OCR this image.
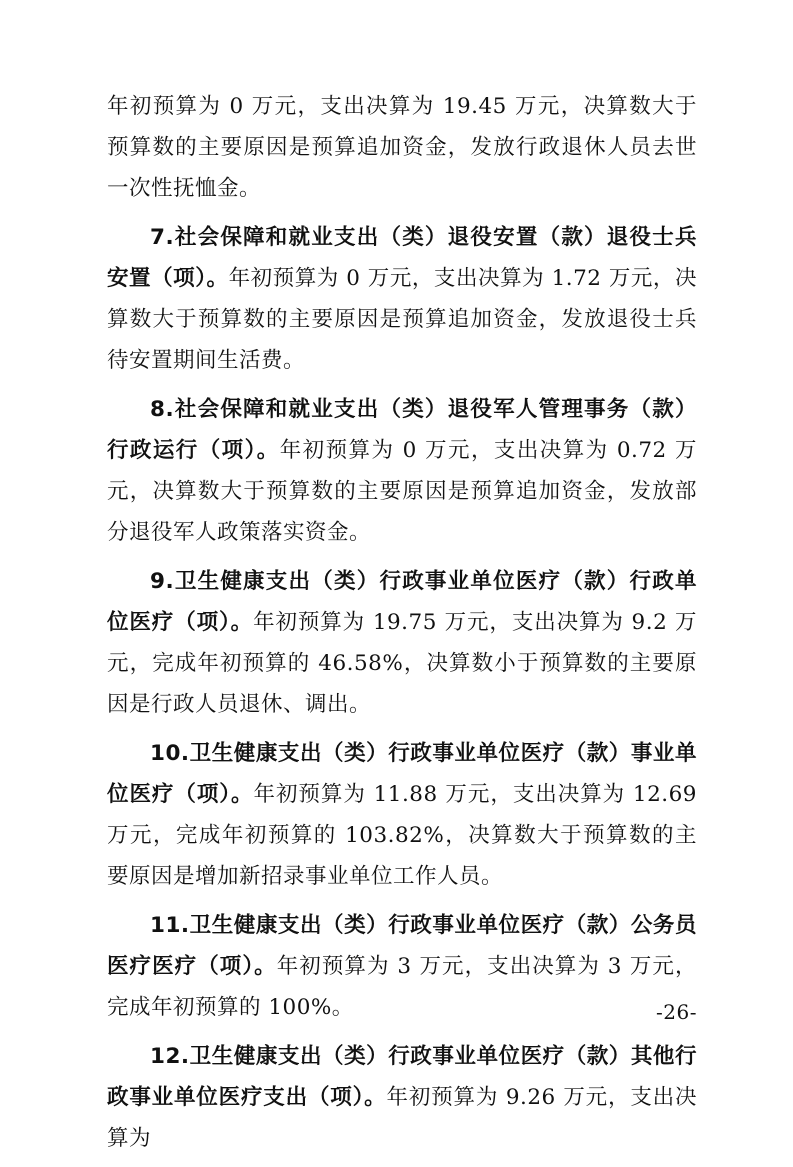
年初预算为 0 万元，支出决算为 19.45 万元，决算数大于预算数的主要原因是预算追加资金，发放行政退休人员去世一次性抚恤金。

7.社会保障和就业支出（类）退役安置（款）退役士兵安置（项）。年初预算为 0 万元，支出决算为 1.72 万元，决算数大于预算数的主要原因是预算追加资金，发放退役士兵待安置期间生活费。

8.社会保障和就业支出（类）退役军人管理事务（款）行政运行（项）。年初预算为 0 万元，支出决算为 0.72 万元，决算数大于预算数的主要原因是预算追加资金，发放部分退役军人政策落实资金。

9.卫生健康支出（类）行政事业单位医疗（款）行政单位医疗（项）。年初预算为 19.75 万元，支出决算为 9.2 万元，完成年初预算的 46.58%，决算数小于预算数的主要原因是行政人员退休、调出。

10.卫生健康支出（类）行政事业单位医疗（款）事业单位医疗（项）。年初预算为 11.88 万元，支出决算为 12.69 万元，完成年初预算的 103.82%，决算数大于预算数的主要原因是增加新招录事业单位工作人员。

11.卫生健康支出（类）行政事业单位医疗（款）公务员医疗医疗（项）。年初预算为 3 万元，支出决算为 3 万元，完成年初预算的 100%。

12.卫生健康支出（类）行政事业单位医疗（款）其他行政事业单位医疗支出（项）。年初预算为 9.26 万元，支出决算为

-26-
